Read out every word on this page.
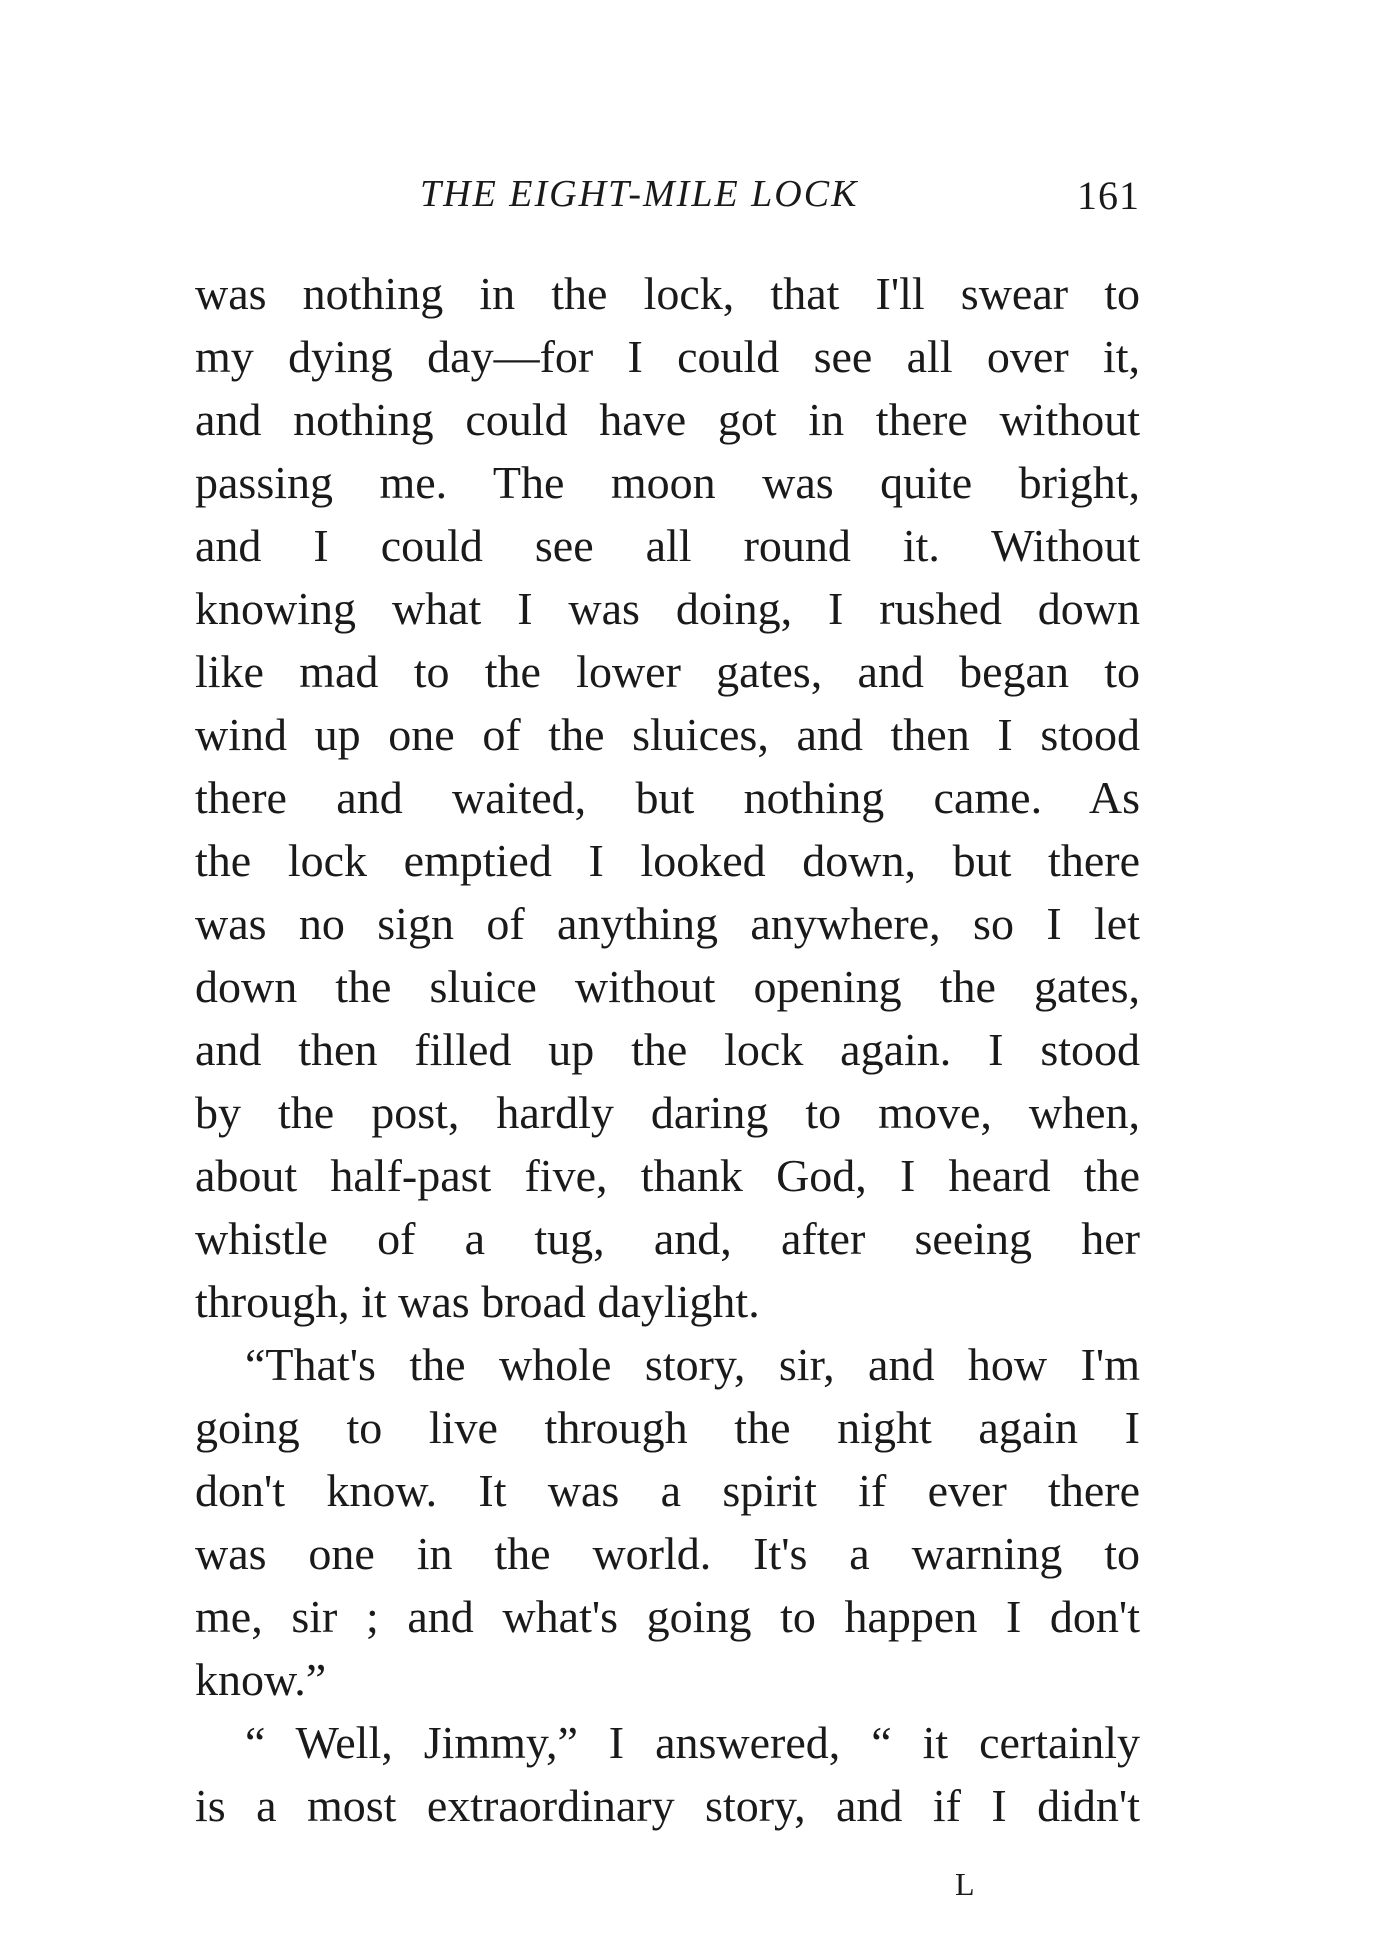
THE EIGHT-MILE LOCK	161
was nothing in the lock, that I'll swear to
my dying day—for I could see all over it,
and nothing could have got in there without
passing me. The moon was quite bright,
and I could see all round it. Without
knowing what I was doing, I rushed down
like mad to the lower gates, and began to
wind up one of the sluices, and then I stood
there and waited, but nothing came. As
the lock emptied I looked down, but there
was no sign of anything anywhere, so I let
down the sluice without opening the gates,
and then filled up the lock again. I stood
by the post, hardly daring to move, when,
about half-past five, thank God, I heard the
whistle of a tug, and, after seeing her
through, it was broad daylight.
“That's the whole story, sir, and how I'm
going to live through the night again I
don't know. It was a spirit if ever there
was one in the world. It's a warning to
me, sir ; and what's going to happen I don't
know.”
“ Well, Jimmy,” I answered, “ it certainly
is a most extraordinary story, and if I didn't
L
